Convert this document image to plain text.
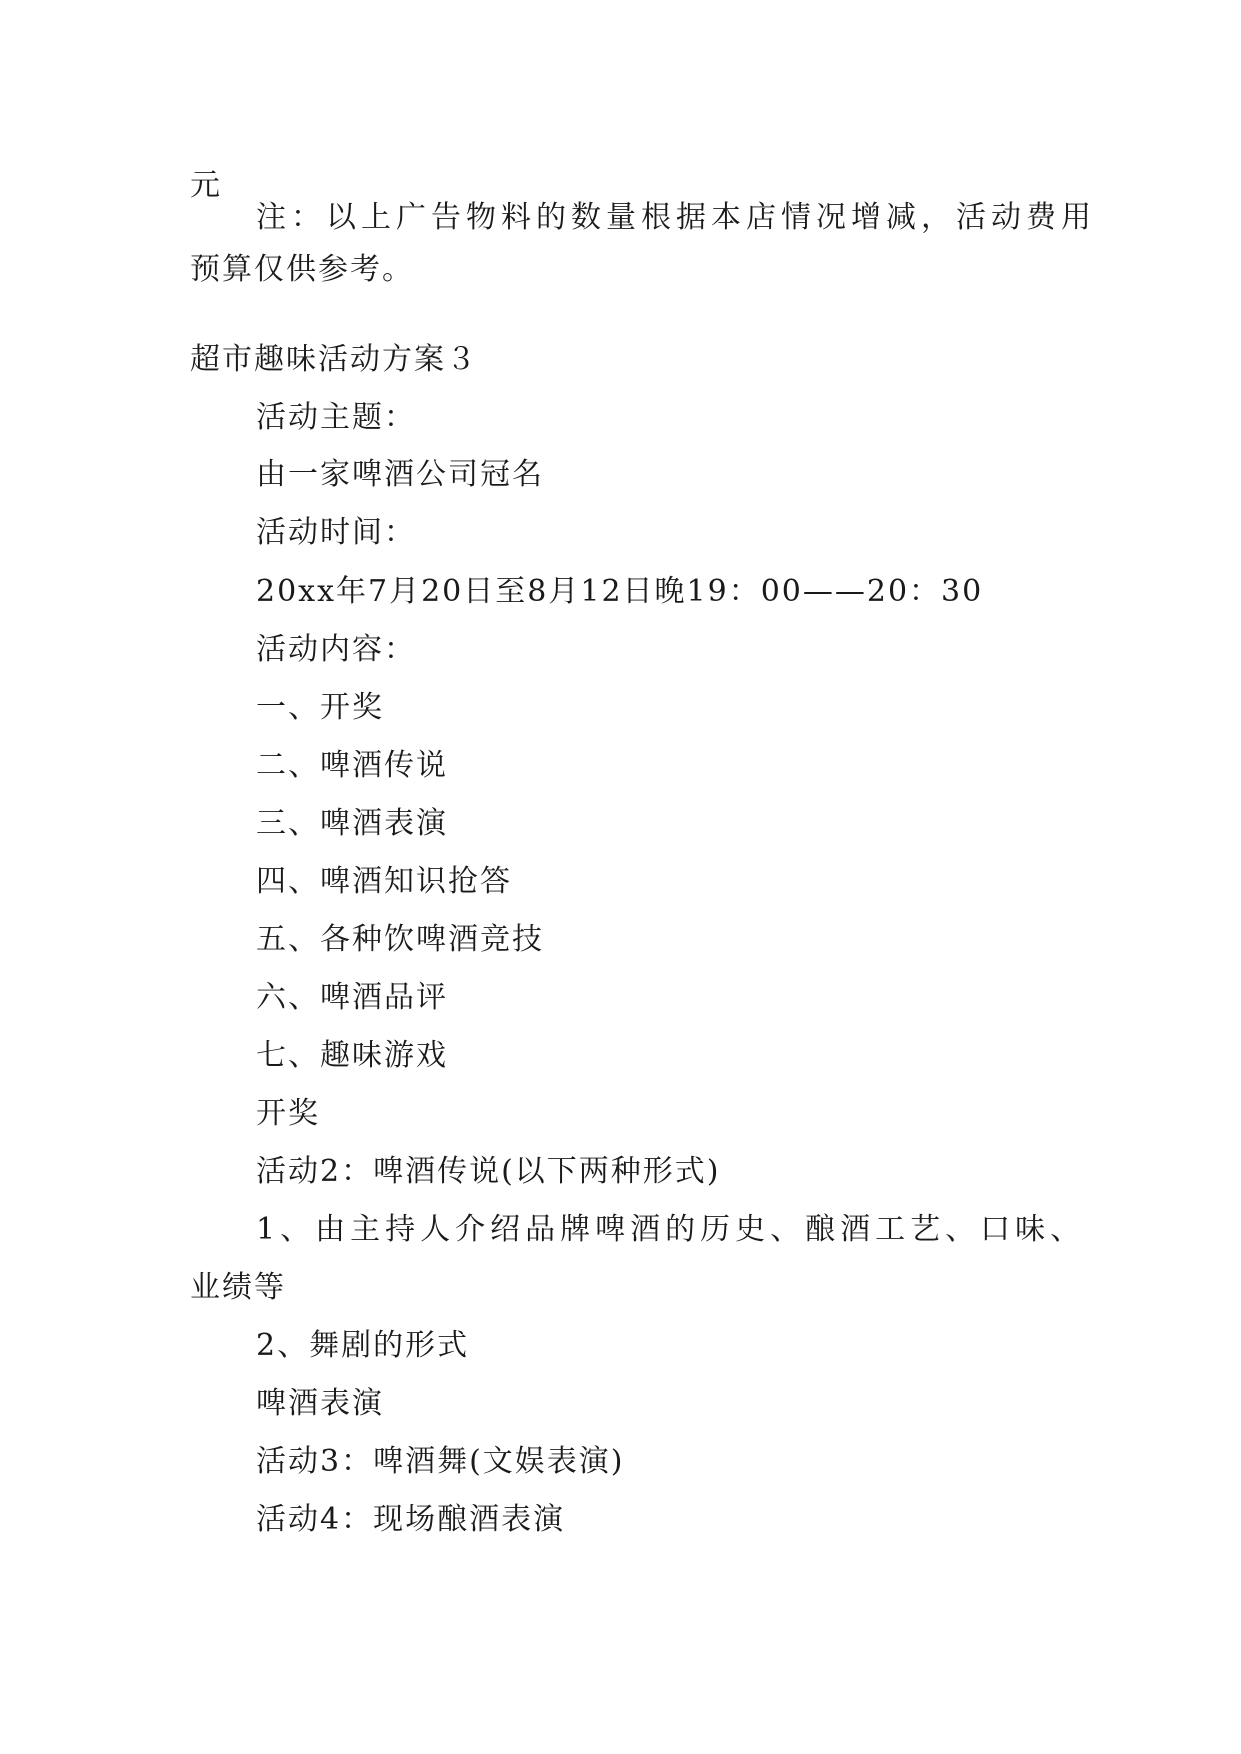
元
注：以上广告物料的数量根据本店情况增减，活动费用
预算仅供参考。
超市趣味活动方案３
活动主题：
由一家啤酒公司冠名
活动时间：
20xx年7月20日至8月12日晚19：00——20：30
活动内容：
一、开奖
二、啤酒传说
三、啤酒表演
四、啤酒知识抢答
五、各种饮啤酒竞技
六、啤酒品评
七、趣味游戏
开奖
活动2：啤酒传说(以下两种形式)
1、由主持人介绍品牌啤酒的历史、酿酒工艺、口味、
业绩等
2、舞剧的形式
啤酒表演
活动3：啤酒舞(文娱表演)
活动4：现场酿酒表演
